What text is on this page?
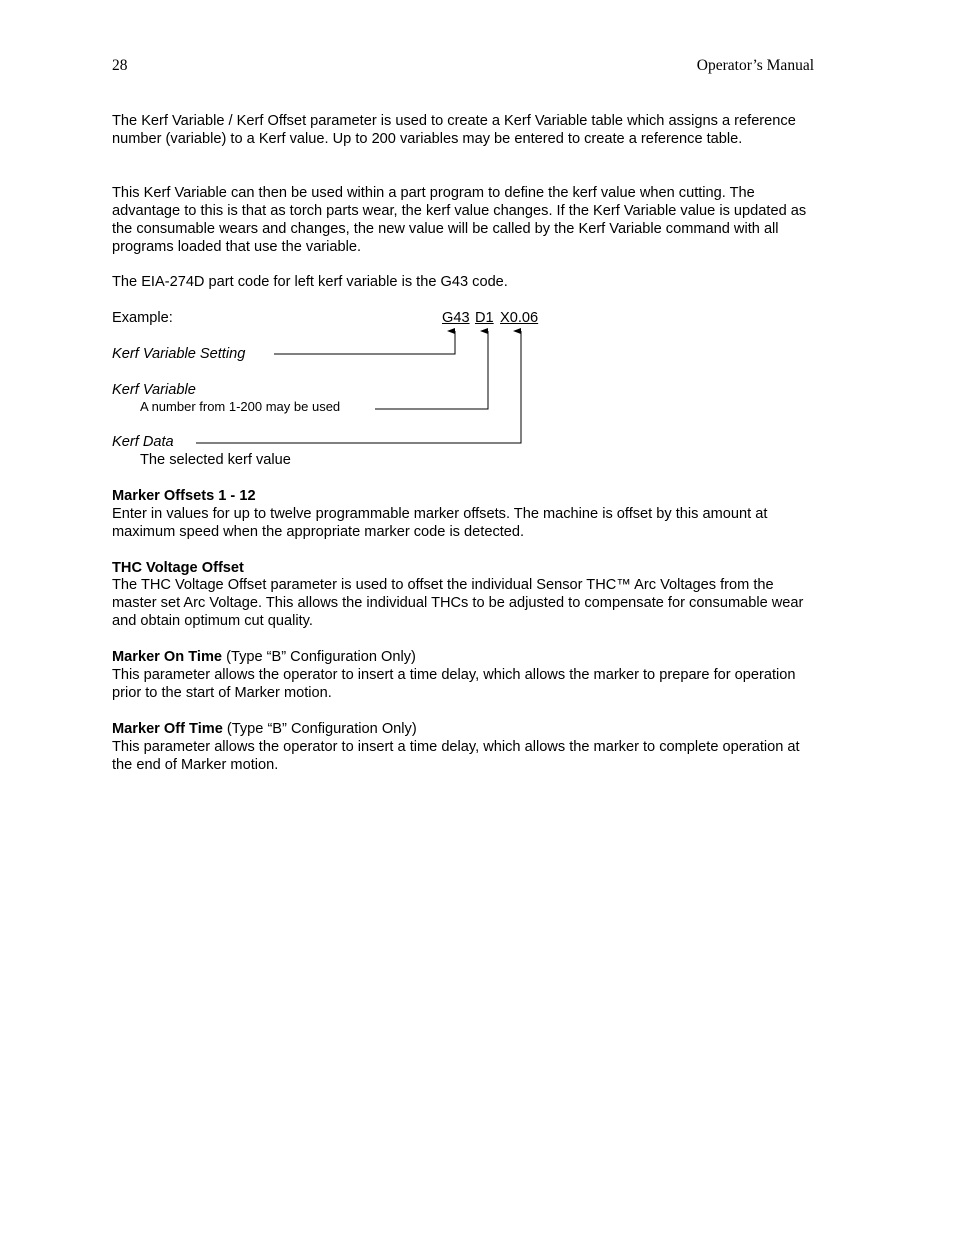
28	Operator’s Manual

The Kerf Variable / Kerf Offset parameter is used to create a Kerf Variable table which assigns a reference number (variable) to a Kerf value. Up to 200 variables may be entered to create a reference table.

This Kerf Variable can then be used within a part program to define the kerf value when cutting. The advantage to this is that as torch parts wear, the kerf value changes. If the Kerf Variable value is updated as the consumable wears and changes, the new value will be called by the Kerf Variable command with all programs loaded that use the variable.

The EIA-274D part code for left kerf variable is the G43 code.

Example:	G43 D1 X0.06
Kerf Variable Setting
Kerf Variable
A number from 1-200 may be used
Kerf Data
The selected kerf value
Marker Offsets 1 - 12

Enter in values for up to twelve programmable marker offsets. The machine is offset by this amount at maximum speed when the appropriate marker code is detected.

THC Voltage Offset

The THC Voltage Offset parameter is used to offset the individual Sensor THC™ Arc Voltages from the master set Arc Voltage. This allows the individual THCs to be adjusted to compensate for consumable wear and obtain optimum cut quality.

Marker On Time (Type “B” Configuration Only)

This parameter allows the operator to insert a time delay, which allows the marker to prepare for operation prior to the start of Marker motion.

Marker Off Time (Type “B” Configuration Only)

This parameter allows the operator to insert a time delay, which allows the marker to complete operation at the end of Marker motion.
